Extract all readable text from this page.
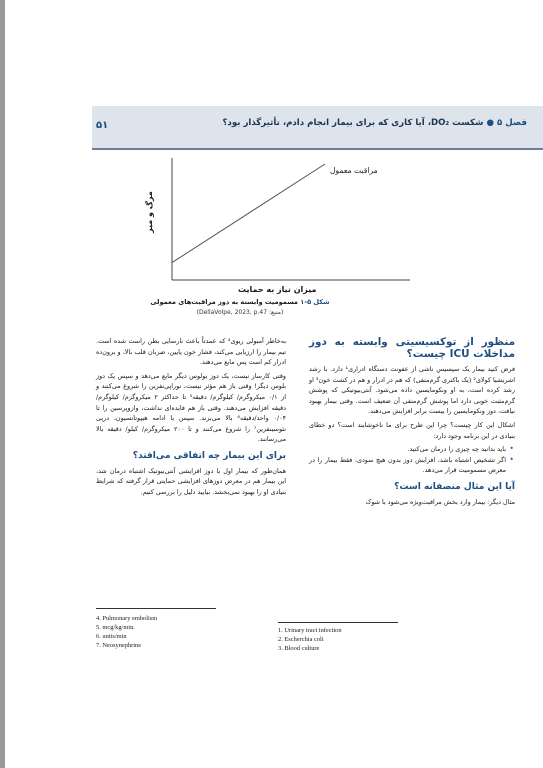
۵۱	فصل ۵ ● شکست DO₂، آیا کاری که برای بیمار انجام دادم، تأثیرگذار بود؟
مرگ و میر
میزان نیاز به حمایت
مراقبت معمول
شکل ۵-۱ مسمومیت وابسته به دوز مراقبت‌های معمولی
(منبع: DellaVolpe, 2023, p.47)
منظور از توکسیسیتی وابسته به دوز مداخلات ICU چیست؟

فرض کنید بیمار یک سپسیس ناشی از عفونت دستگاه ادراری¹ دارد. با رشد اشریشیا کولای² (یک باکتری گرم‌منفی) که هم در ادرار و هم در کشت خون³ او رشد کرده است، به او ونکومایسین داده می‌شود. آنتی‌بیوتیکی که پوشش گرم‌مثبت خوبی دارد اما پوشش گرم‌منفی آن ضعیف است. وقتی بیمار بهبود نیافت، دوز ونکومایسین را بیست برابر افزایش می‌دهند.

اشکال این کار چیست؟ چرا این طرح برای ما ناخوشایند است؟ دو خطای بنیادی در این برنامه وجود دارد:

• باید بدانید چه چیزی را درمان می‌کنید.
• اگر تشخیص اشتباه باشد، افزایش دوز بدون هیچ سودی، فقط بیمار را در معرض مسمومیت قرار می‌دهد.
آیا این مثال منصفانه است؟

مثال دیگر: بیمار وارد بخش مراقبت‌ویژه می‌شود با شوک

به‌خاطر آمبولی ریوی⁴ که عمدتاً باعث نارسایی بطن راست شده است. تیم بیمار را ارزیابی می‌کند، فشار خون پایین، ضربان قلب بالا، و برون‌ده ادرار کم است پس مایع می‌دهند.

وقتی کارساز نیست، یک دوز بولوس دیگر مایع می‌دهد و سپس یک دوز بلوس دیگر! وقتی باز هم مؤثر نیست، نوراپی‌نفرین را شروع می‌کنند و از ۰/۱ میکروگرم/ کیلوگرم/ دقیقه⁵ تا حداکثر ۲ میکروگرم/ کیلوگرم/ دقیقه افزایش می‌دهند. وقتی باز هم فایده‌ای نداشت، وازوپرسین را تا ۰/۰۴ واحد/دقیقه⁶ بالا می‌برند. سپس با ادامه هیپوتانسیون، درپی نئوسینفرین⁷ را شروع می‌کنند و تا ۲۰۰ میکروگرم/ کیلو/ دقیقه بالا می‌رسانند.

برای این بیمار چه اتفاقی می‌افتد؟

همان‌طور که بیمار اول با دوز افزایشی آنتی‌بیوتیک اشتباه درمان شد، این بیمار هم در معرض دوزهای افزایشی حمایتی قرار گرفته که شرایط بنیادی او را بهبود نمی‌بخشد. بیایید دلیل را بررسی کنیم.

4. Pulmonary embolism
5. mcg/kg/min.
6. units/min
7. Neosynephrine
1. Urinary tract infection
2. Escherchia coli
3. Blood culture
